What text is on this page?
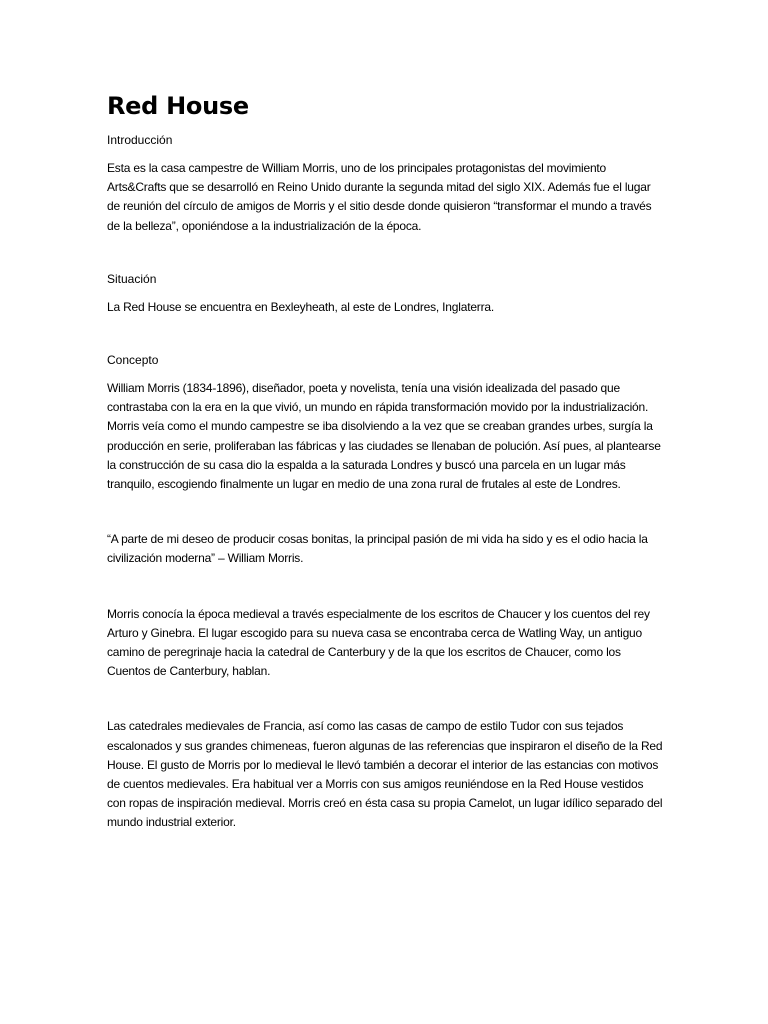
Red House
Introducción

Esta es la casa campestre de William Morris, uno de los principales protagonistas del movimiento Arts&Crafts que se desarrolló en Reino Unido durante la segunda mitad del siglo XIX. Además fue el lugar de reunión del círculo de amigos de Morris y el sitio desde donde quisieron “transformar el mundo a través de la belleza”, oponiéndose a la industrialización de la época.

Situación

La Red House se encuentra en Bexleyheath, al este de Londres, Inglaterra.

Concepto

William Morris (1834-1896), diseñador, poeta y novelista, tenía una visión idealizada del pasado que contrastaba con la era en la que vivió, un mundo en rápida transformación movido por la industrialización. Morris veía como el mundo campestre se iba disolviendo a la vez que se creaban grandes urbes, surgía la producción en serie, proliferaban las fábricas y las ciudades se llenaban de polución. Así pues, al plantearse la construcción de su casa dio la espalda a la saturada Londres y buscó una parcela en un lugar más tranquilo, escogiendo finalmente un lugar en medio de una zona rural de frutales al este de Londres.

“A parte de mi deseo de producir cosas bonitas, la principal pasión de mi vida ha sido y es el odio hacia la civilización moderna” – William Morris.

Morris conocía la época medieval a través especialmente de los escritos de Chaucer y los cuentos del rey Arturo y Ginebra. El lugar escogido para su nueva casa se encontraba cerca de Watling Way, un antiguo camino de peregrinaje hacia la catedral de Canterbury y de la que los escritos de Chaucer, como los Cuentos de Canterbury, hablan.

Las catedrales medievales de Francia, así como las casas de campo de estilo Tudor con sus tejados escalonados y sus grandes chimeneas, fueron algunas de las referencias que inspiraron el diseño de la Red House. El gusto de Morris por lo medieval le llevó también a decorar el interior de las estancias con motivos de cuentos medievales. Era habitual ver a Morris con sus amigos reuniéndose en la Red House vestidos con ropas de inspiración medieval. Morris creó en ésta casa su propia Camelot, un lugar idílico separado del mundo industrial exterior.
